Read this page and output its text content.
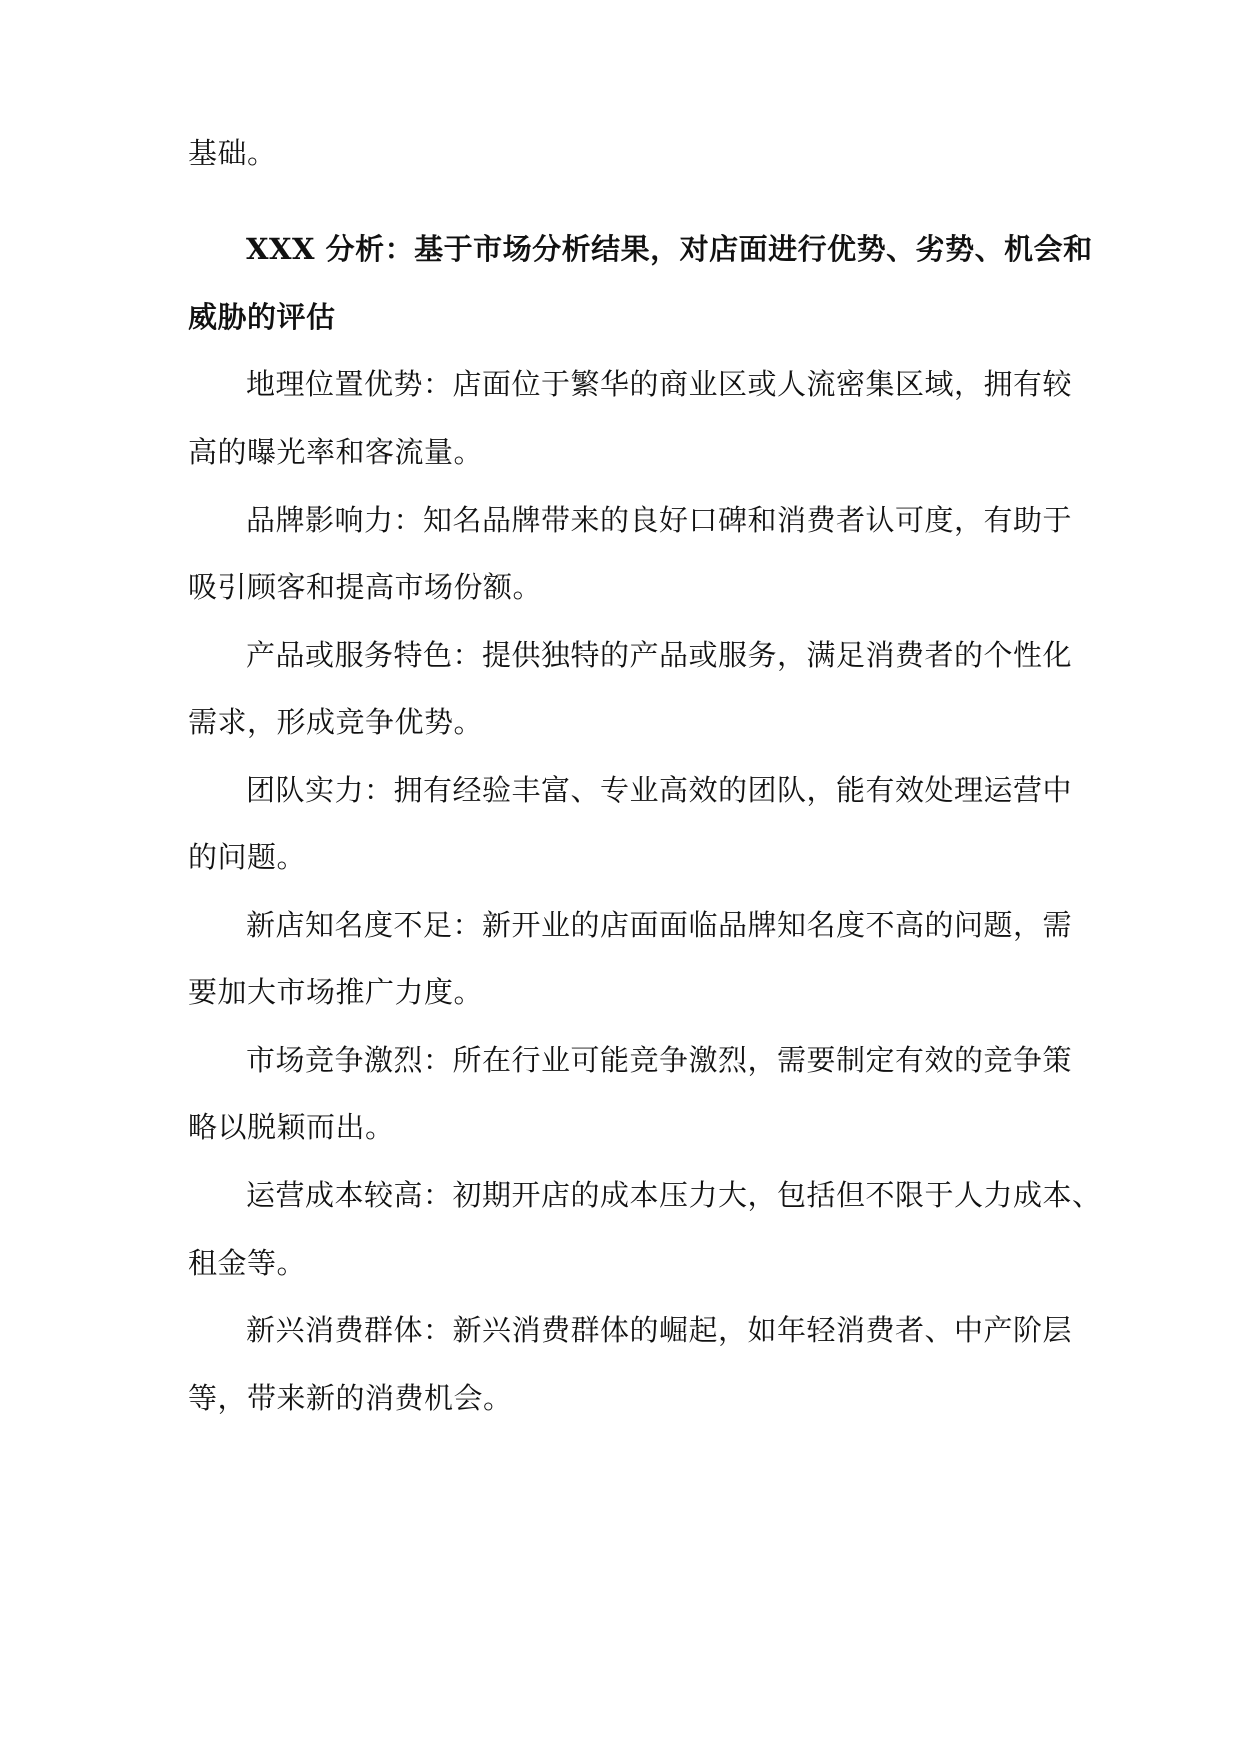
基础。
XXX 分析：基于市场分析结果，对店面进行优势、劣势、机会和
威胁的评估
地理位置优势：店面位于繁华的商业区或人流密集区域，拥有较
高的曝光率和客流量。
品牌影响力：知名品牌带来的良好口碑和消费者认可度，有助于
吸引顾客和提高市场份额。
产品或服务特色：提供独特的产品或服务，满足消费者的个性化
需求，形成竞争优势。
团队实力：拥有经验丰富、专业高效的团队，能有效处理运营中
的问题。
新店知名度不足：新开业的店面面临品牌知名度不高的问题，需
要加大市场推广力度。
市场竞争激烈：所在行业可能竞争激烈，需要制定有效的竞争策
略以脱颖而出。
运营成本较高：初期开店的成本压力大，包括但不限于人力成本、
租金等。
新兴消费群体：新兴消费群体的崛起，如年轻消费者、中产阶层
等，带来新的消费机会。
